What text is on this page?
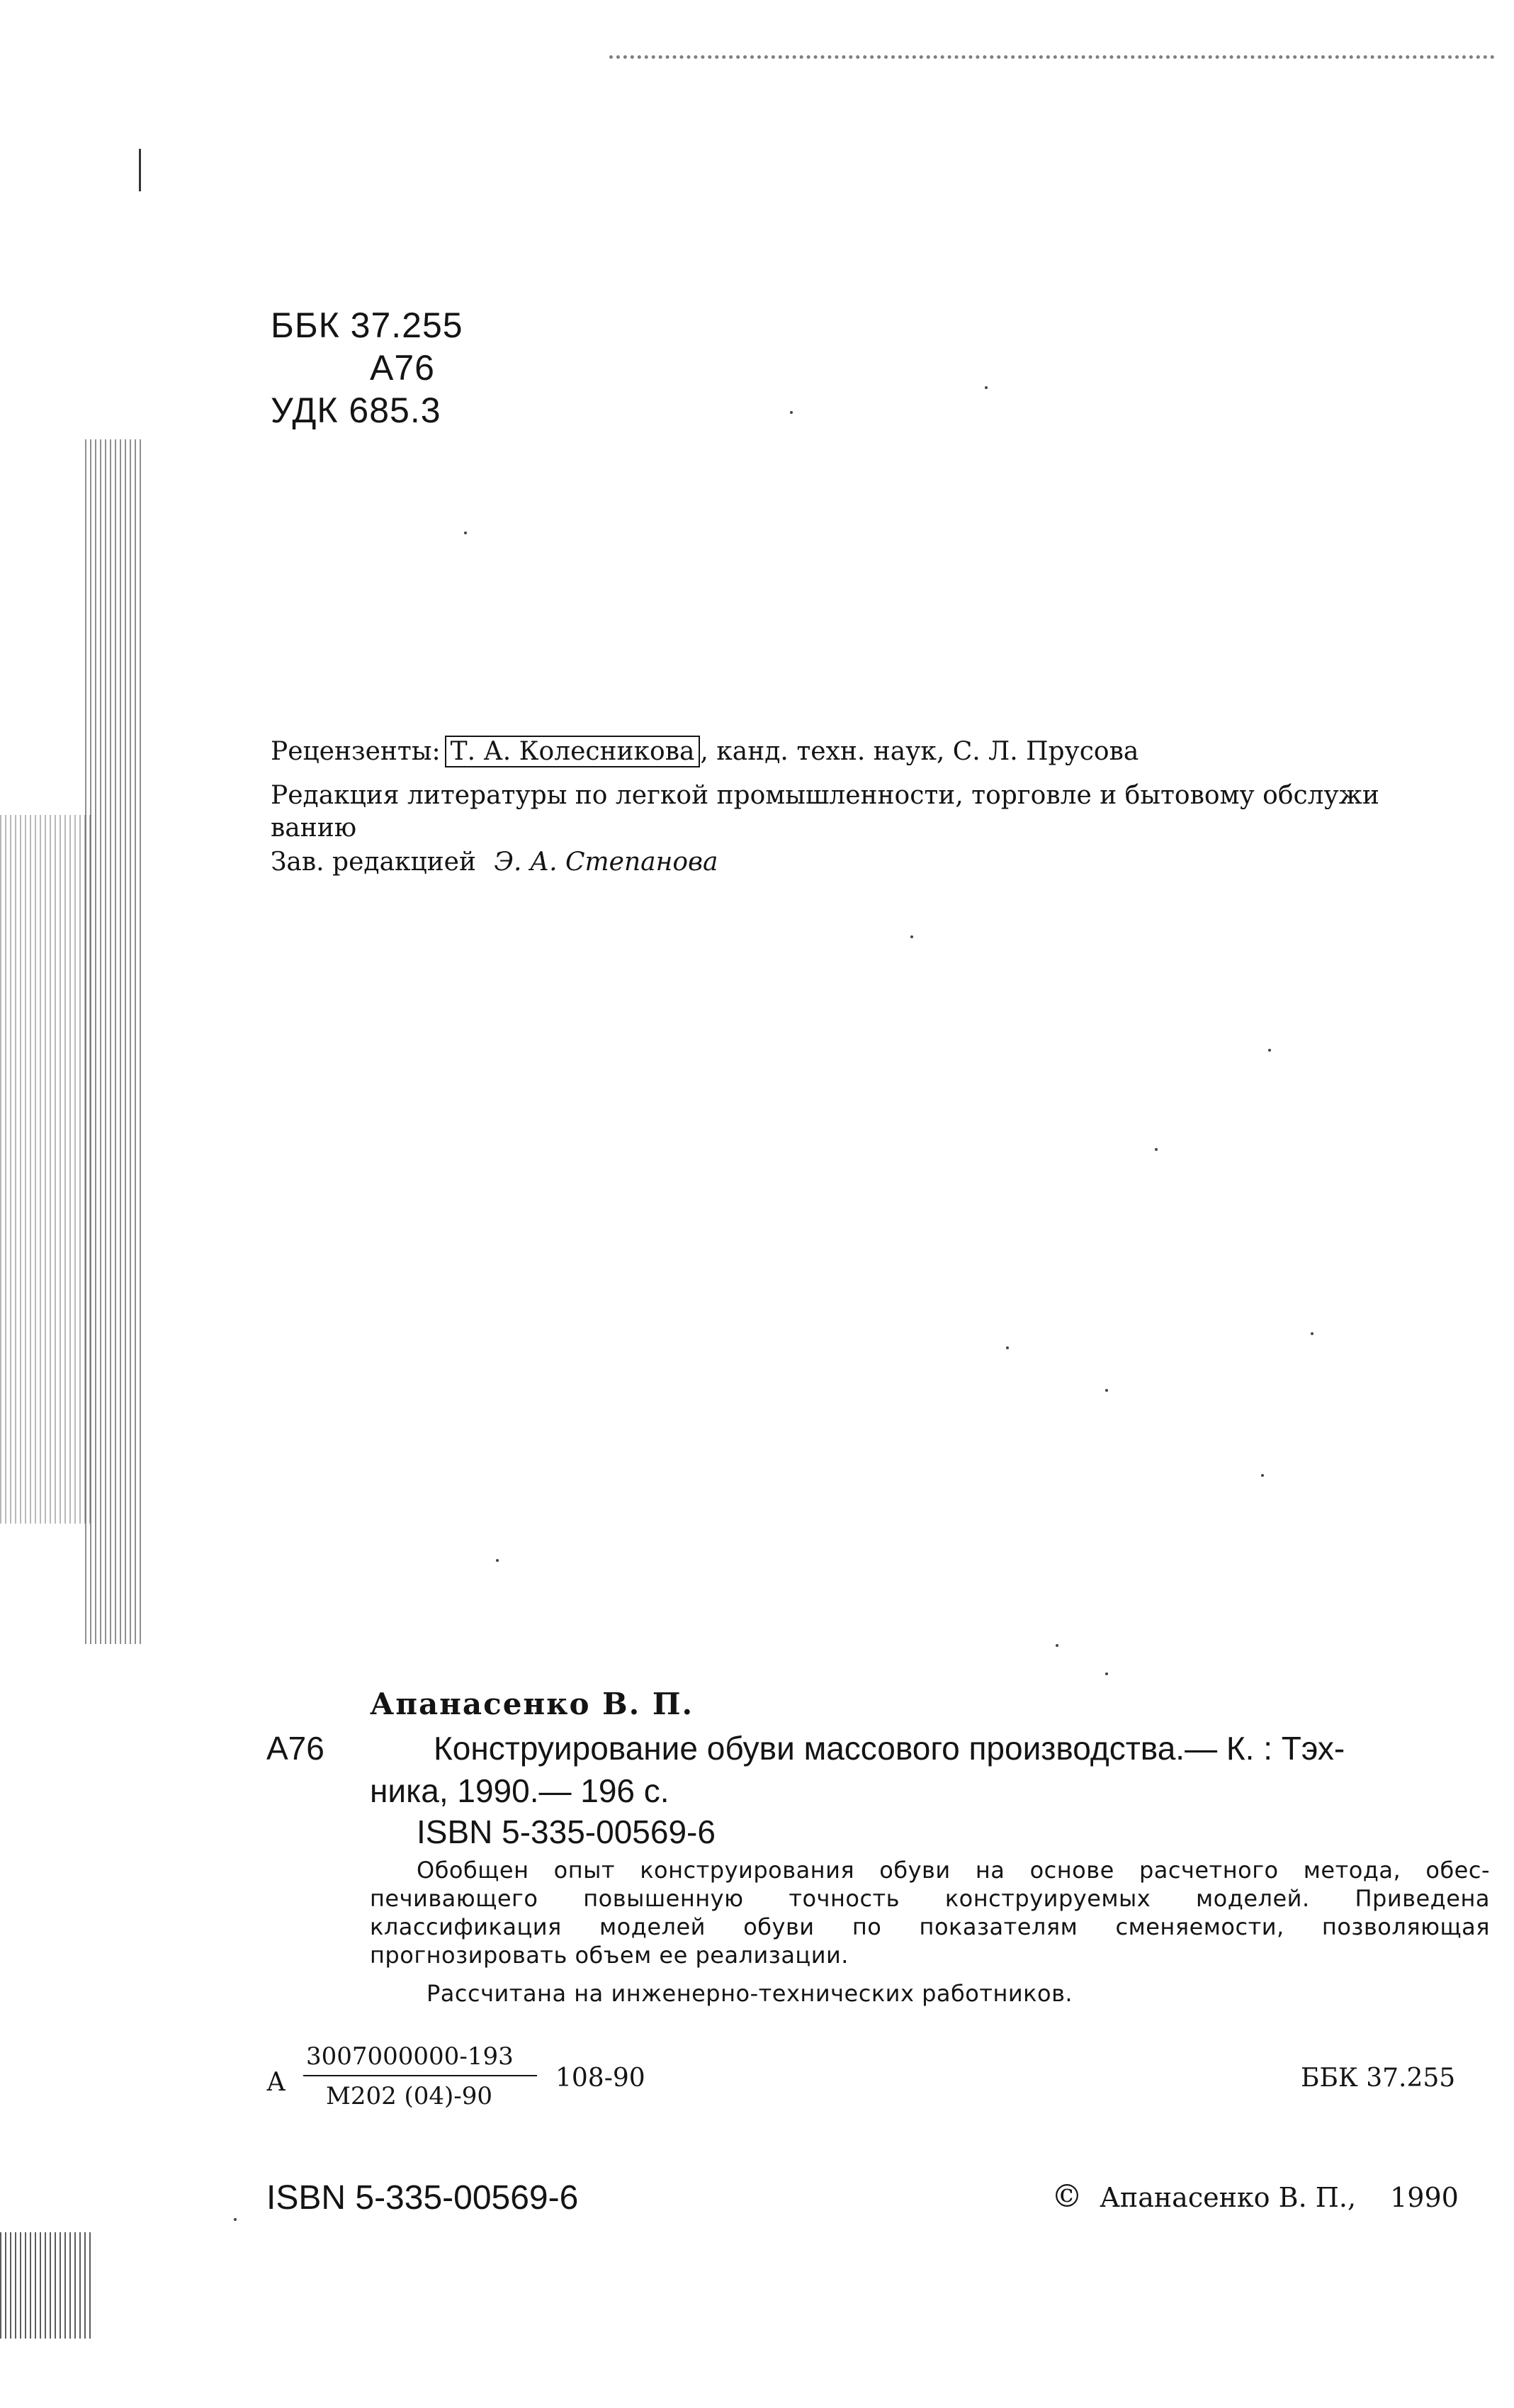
ББК 37.255
А76
УДК 685.3
Рецензенты: Т. А. Колесникова , канд. техн. наук, С. Л. Прусова
Редакция литературы по легкой промышленности, торговле и бытовому обслужи
ванию
Зав. редакцией Э. А. Степанова
Апанасенко В. П.
А76	Конструирование обуви массового производства.— К. : Тэх-
ника, 1990.— 196 с.
ISBN 5-335-00569-6
Обобщен опыт конструирования обуви на основе расчетного метода, обес-
печивающего повышенную точность конструируемых моделей. Приведена
классификация моделей обуви по показателям сменяемости, позволяющая
прогнозировать объем ее реализации.
Рассчитана на инженерно-технических работников.
А
3007000000-193
М202 (04)-90
108-90	ББК 37.255
ISBN 5-335-00569-6	© Апанасенко В. П., 1990
